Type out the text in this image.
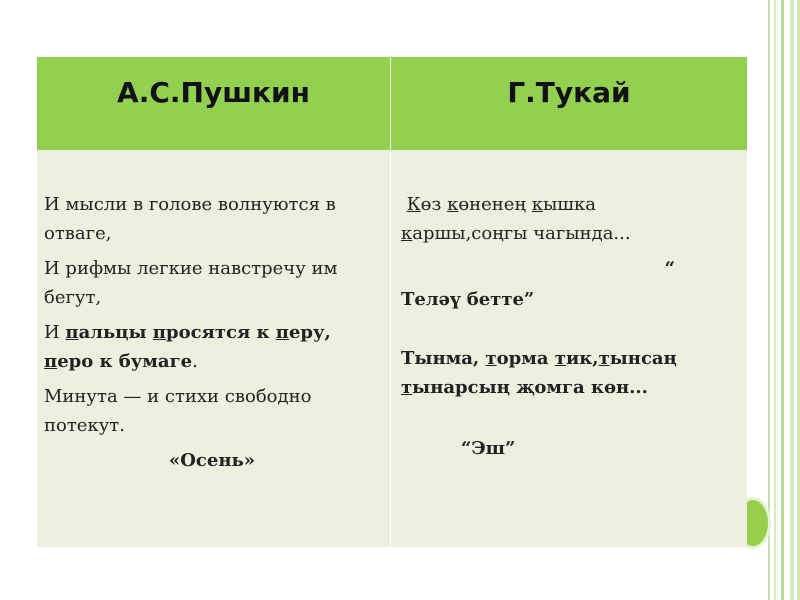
А.С.Пушкин	Г.Тукай
И мысли в голове волнуются в
отваге,
И рифмы легкие навстречу им
бегут,
И пальцы просятся к перу,
перо к бумаге.
Минута — и стихи свободно
потекут.
«Осень»

Көз көненең кышка

каршы,соңгы чагында...

“

Теләү бетте”

Тынма, торма тик,тынсаң

тынарсың җомга көн...

“Эш”
